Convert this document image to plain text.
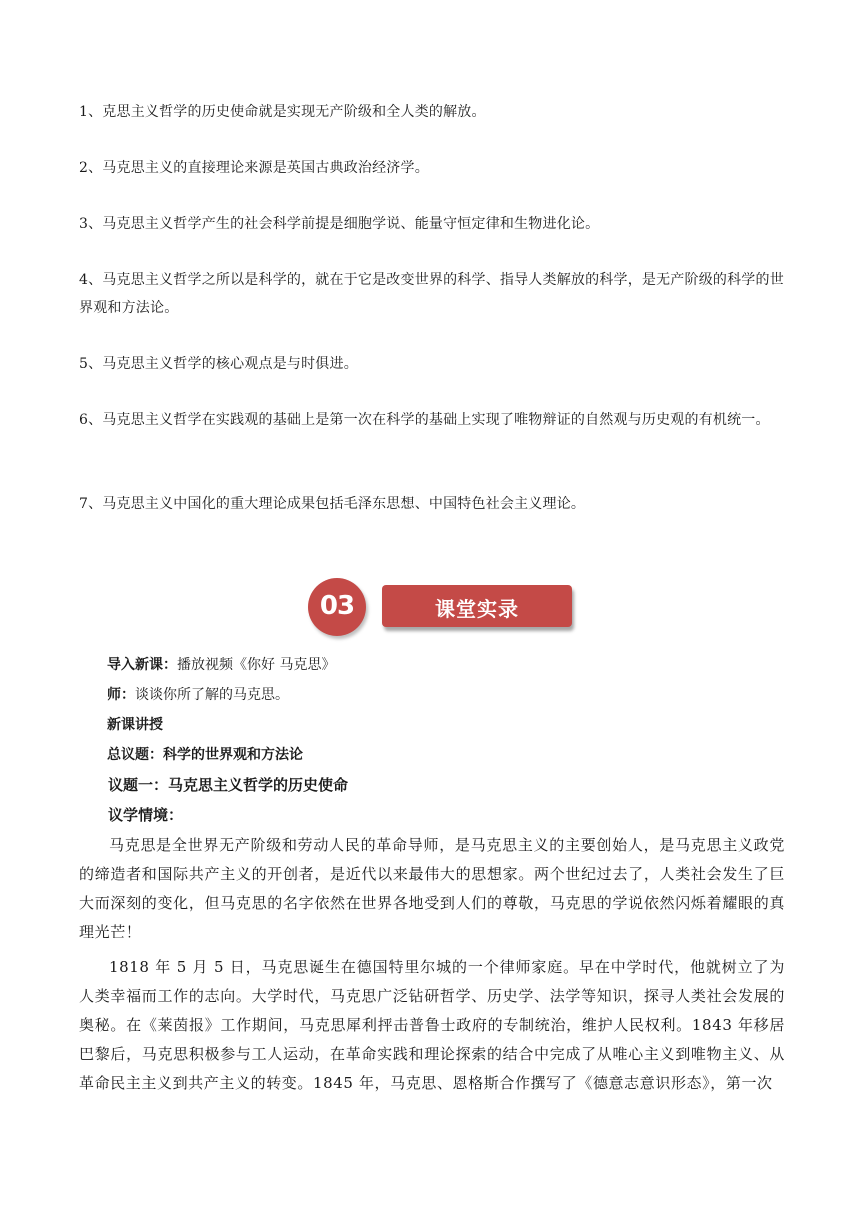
1、克思主义哲学的历史使命就是实现无产阶级和全人类的解放。

2、马克思主义的直接理论来源是英国古典政治经济学。

3、马克思主义哲学产生的社会科学前提是细胞学说、能量守恒定律和生物进化论。

4、马克思主义哲学之所以是科学的，就在于它是改变世界的科学、指导人类解放的科学，是无产阶级的科学的世界观和方法论。

5、马克思主义哲学的核心观点是与时俱进。

6、马克思主义哲学在实践观的基础上是第一次在科学的基础上实现了唯物辩证的自然观与历史观的有机统一。

7、马克思主义中国化的重大理论成果包括毛泽东思想、中国特色社会主义理论。

03	课堂实录

导入新课：播放视频《你好 马克思》

师：谈谈你所了解的马克思。

新课讲授

总议题：科学的世界观和方法论

议题一：马克思主义哲学的历史使命

议学情境：

马克思是全世界无产阶级和劳动人民的革命导师，是马克思主义的主要创始人，是马克思主义政党的缔造者和国际共产主义的开创者，是近代以来最伟大的思想家。两个世纪过去了，人类社会发生了巨大而深刻的变化，但马克思的名字依然在世界各地受到人们的尊敬，马克思的学说依然闪烁着耀眼的真理光芒！

1818 年 5 月 5 日，马克思诞生在德国特里尔城的一个律师家庭。早在中学时代，他就树立了为人类幸福而工作的志向。大学时代，马克思广泛钻研哲学、历史学、法学等知识，探寻人类社会发展的奥秘。在《莱茵报》工作期间，马克思犀利抨击普鲁士政府的专制统治，维护人民权利。1843 年移居巴黎后，马克思积极参与工人运动，在革命实践和理论探索的结合中完成了从唯心主义到唯物主义、从革命民主主义到共产主义的转变。1845 年，马克思、恩格斯合作撰写了《德意志意识形态》，第一次
